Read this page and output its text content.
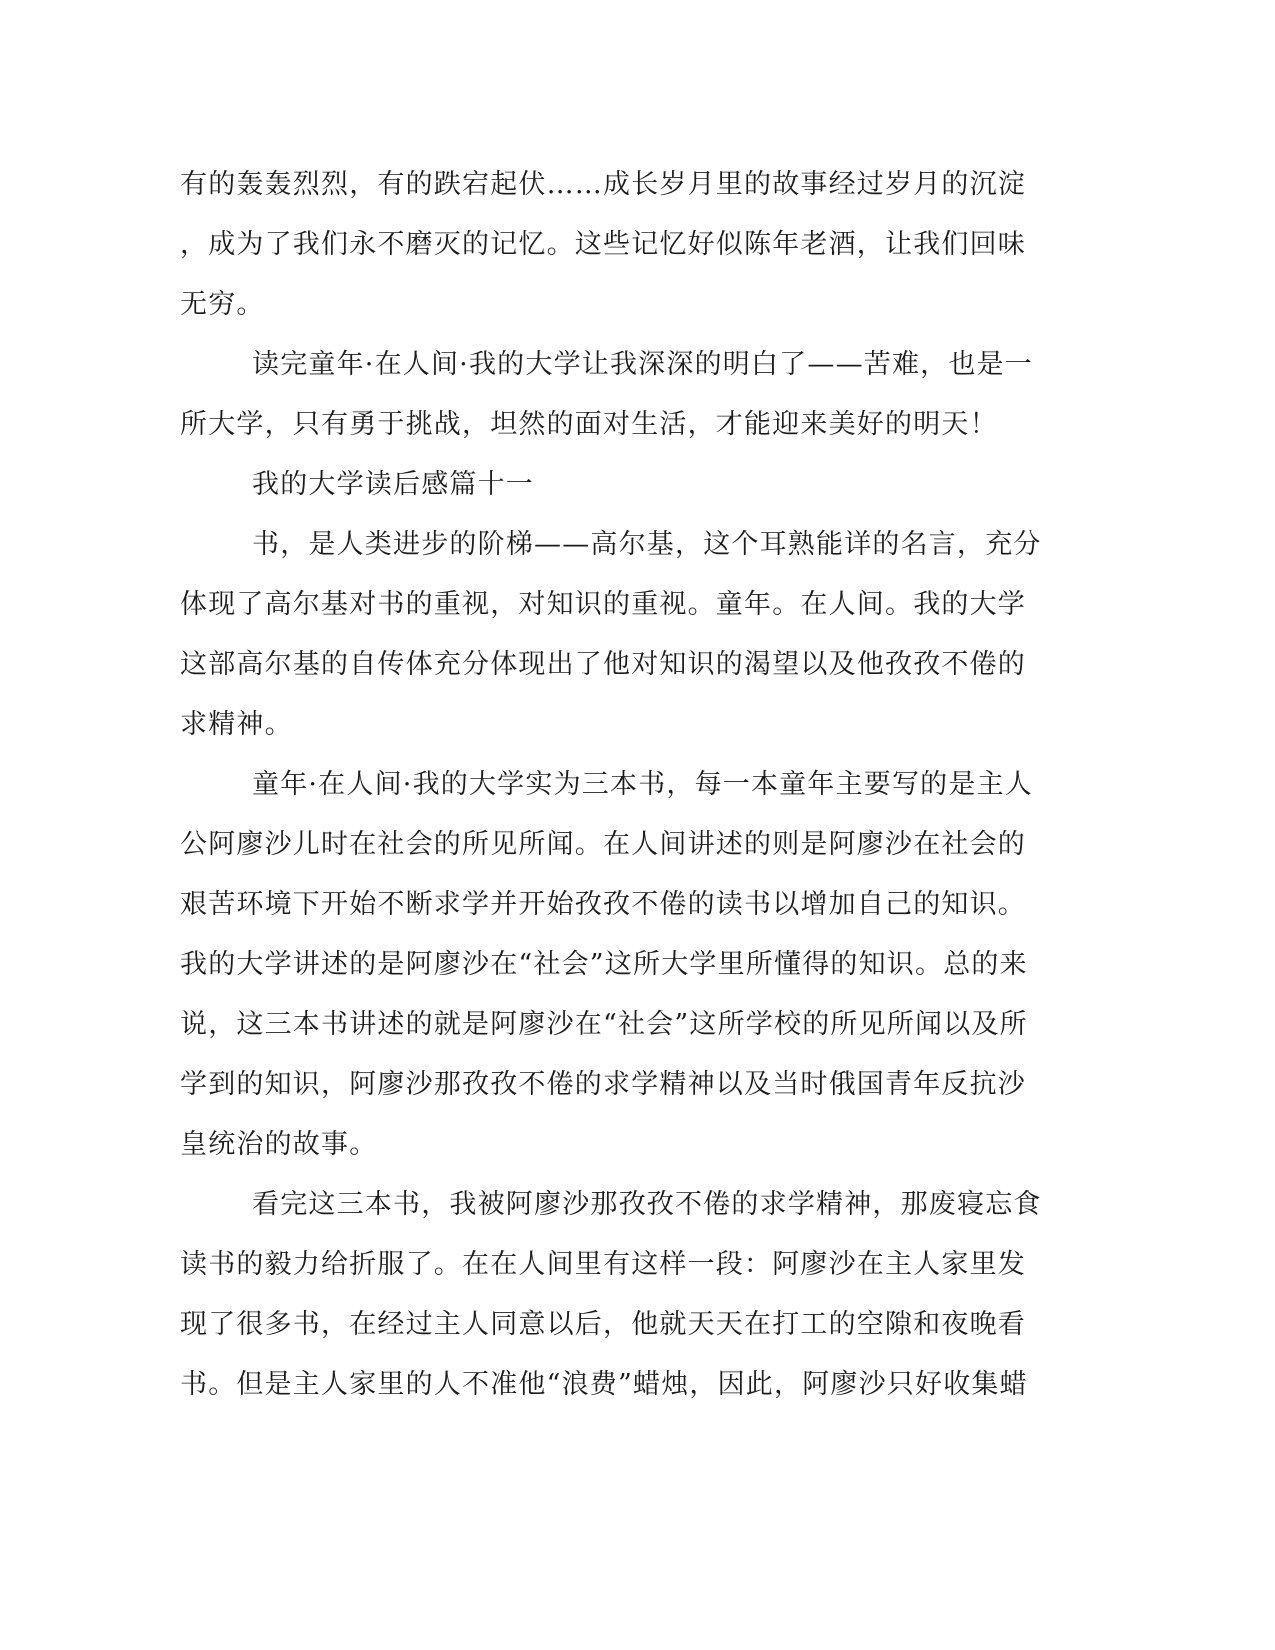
有的轰轰烈烈，有的跌宕起伏……成长岁月里的故事经过岁月的沉淀
，成为了我们永不磨灭的记忆。这些记忆好似陈年老酒，让我们回味
无穷。
读完童年·在人间·我的大学让我深深的明白了——苦难，也是一
所大学，只有勇于挑战，坦然的面对生活，才能迎来美好的明天！
我的大学读后感篇十一
书，是人类进步的阶梯——高尔基，这个耳熟能详的名言，充分
体现了高尔基对书的重视，对知识的重视。童年。在人间。我的大学
这部高尔基的自传体充分体现出了他对知识的渴望以及他孜孜不倦的
求精神。
童年·在人间·我的大学实为三本书，每一本童年主要写的是主人
公阿廖沙儿时在社会的所见所闻。在人间讲述的则是阿廖沙在社会的
艰苦环境下开始不断求学并开始孜孜不倦的读书以增加自己的知识。
我的大学讲述的是阿廖沙在“社会”这所大学里所懂得的知识。总的来
说，这三本书讲述的就是阿廖沙在“社会”这所学校的所见所闻以及所
学到的知识，阿廖沙那孜孜不倦的求学精神以及当时俄国青年反抗沙
皇统治的故事。
看完这三本书，我被阿廖沙那孜孜不倦的求学精神，那废寝忘食
读书的毅力给折服了。在在人间里有这样一段：阿廖沙在主人家里发
现了很多书，在经过主人同意以后，他就天天在打工的空隙和夜晚看
书。但是主人家里的人不准他“浪费”蜡烛，因此，阿廖沙只好收集蜡
